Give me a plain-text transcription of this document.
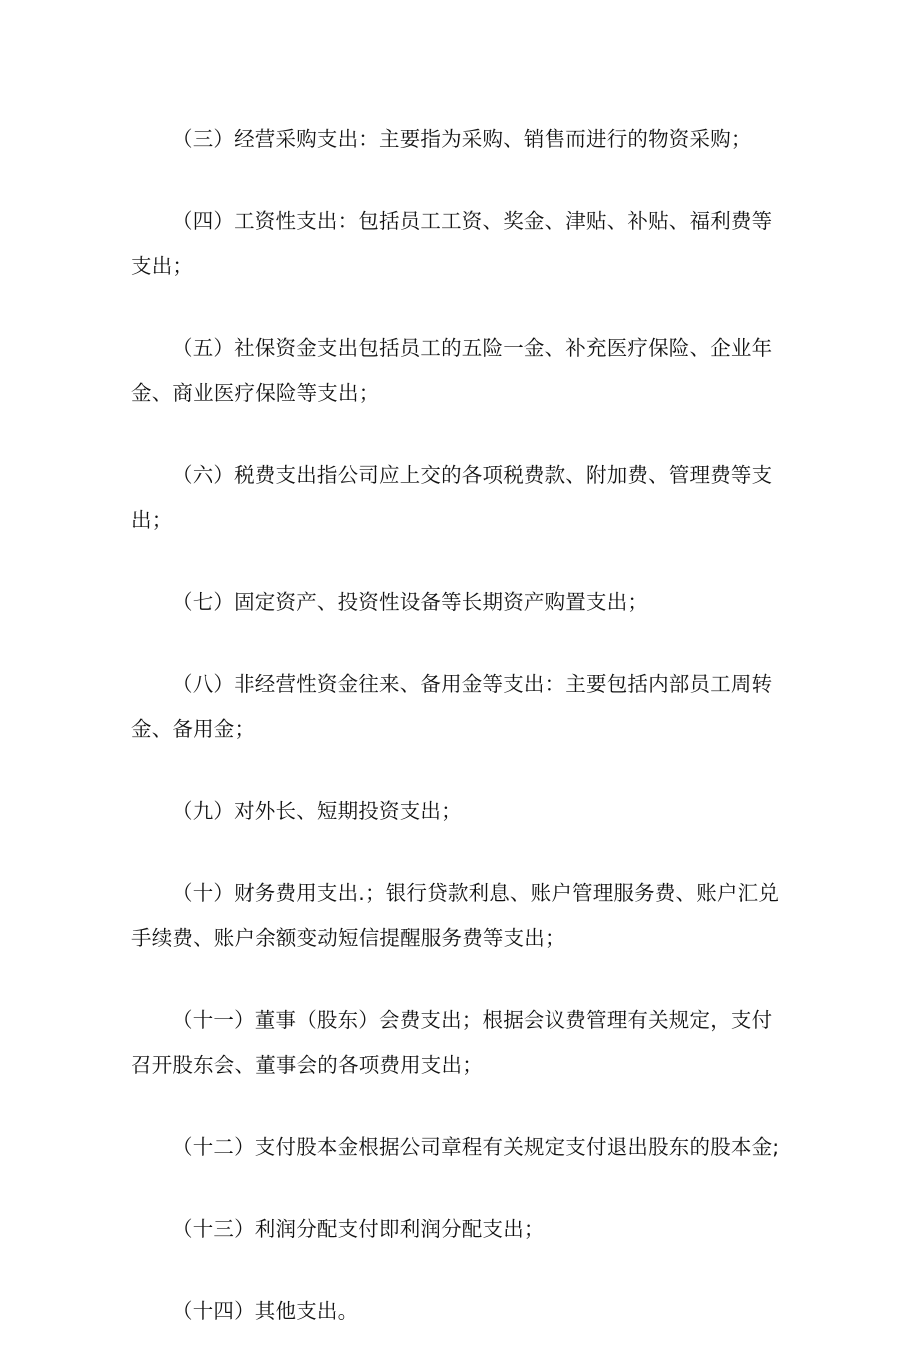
（三）经营采购支出：主要指为采购、销售而进行的物资采购；

（四）工资性支出：包括员工工资、奖金、津贴、补贴、福利费等支出；

（五）社保资金支出包括员工的五险一金、补充医疗保险、企业年金、商业医疗保险等支出；

（六）税费支出指公司应上交的各项税费款、附加费、管理费等支出；

（七）固定资产、投资性设备等长期资产购置支出；

（八）非经营性资金往来、备用金等支出：主要包括内部员工周转金、备用金；

（九）对外长、短期投资支出；

（十）财务费用支出.；银行贷款利息、账户管理服务费、账户汇兑手续费、账户余额变动短信提醒服务费等支出；

（十一）董事（股东）会费支出；根据会议费管理有关规定，支付召开股东会、董事会的各项费用支出；

（十二）支付股本金根据公司章程有关规定支付退出股东的股本金;

（十三）利润分配支付即利润分配支出；

（十四）其他支出。
